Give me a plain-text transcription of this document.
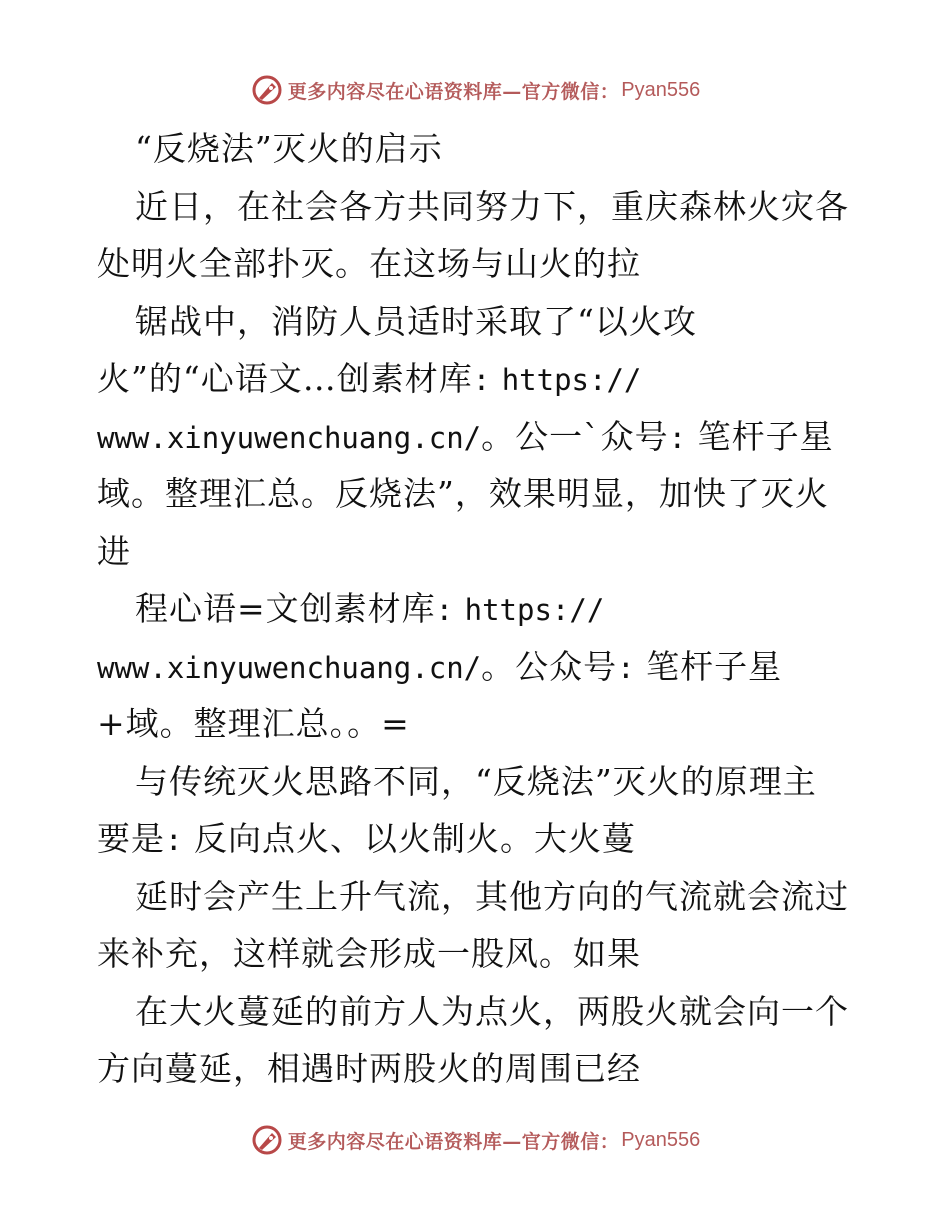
更多内容尽在心语资料库—官方微信： Pyan556
“反烧法”灭火的启示
近日，在社会各方共同努力下，重庆森林火灾各
处明火全部扑灭。在这场与山火的拉
锯战中，消防人员适时采取了“以火攻
火”的“心语文…创素材库: https://
www.xinyuwenchuang.cn/。公一`众号: 笔杆子星
域。整理汇总。反烧法”，效果明显，加快了灭火
进
程心语=文创素材库: https://
www.xinyuwenchuang.cn/。公众号: 笔杆子星
+域。整理汇总。。=
与传统灭火思路不同，“反烧法”灭火的原理主
要是: 反向点火、以火制火。大火蔓
延时会产生上升气流，其他方向的气流就会流过
来补充，这样就会形成一股风。如果
在大火蔓延的前方人为点火，两股火就会向一个
方向蔓延，相遇时两股火的周围已经
更多内容尽在心语资料库—官方微信： Pyan556
